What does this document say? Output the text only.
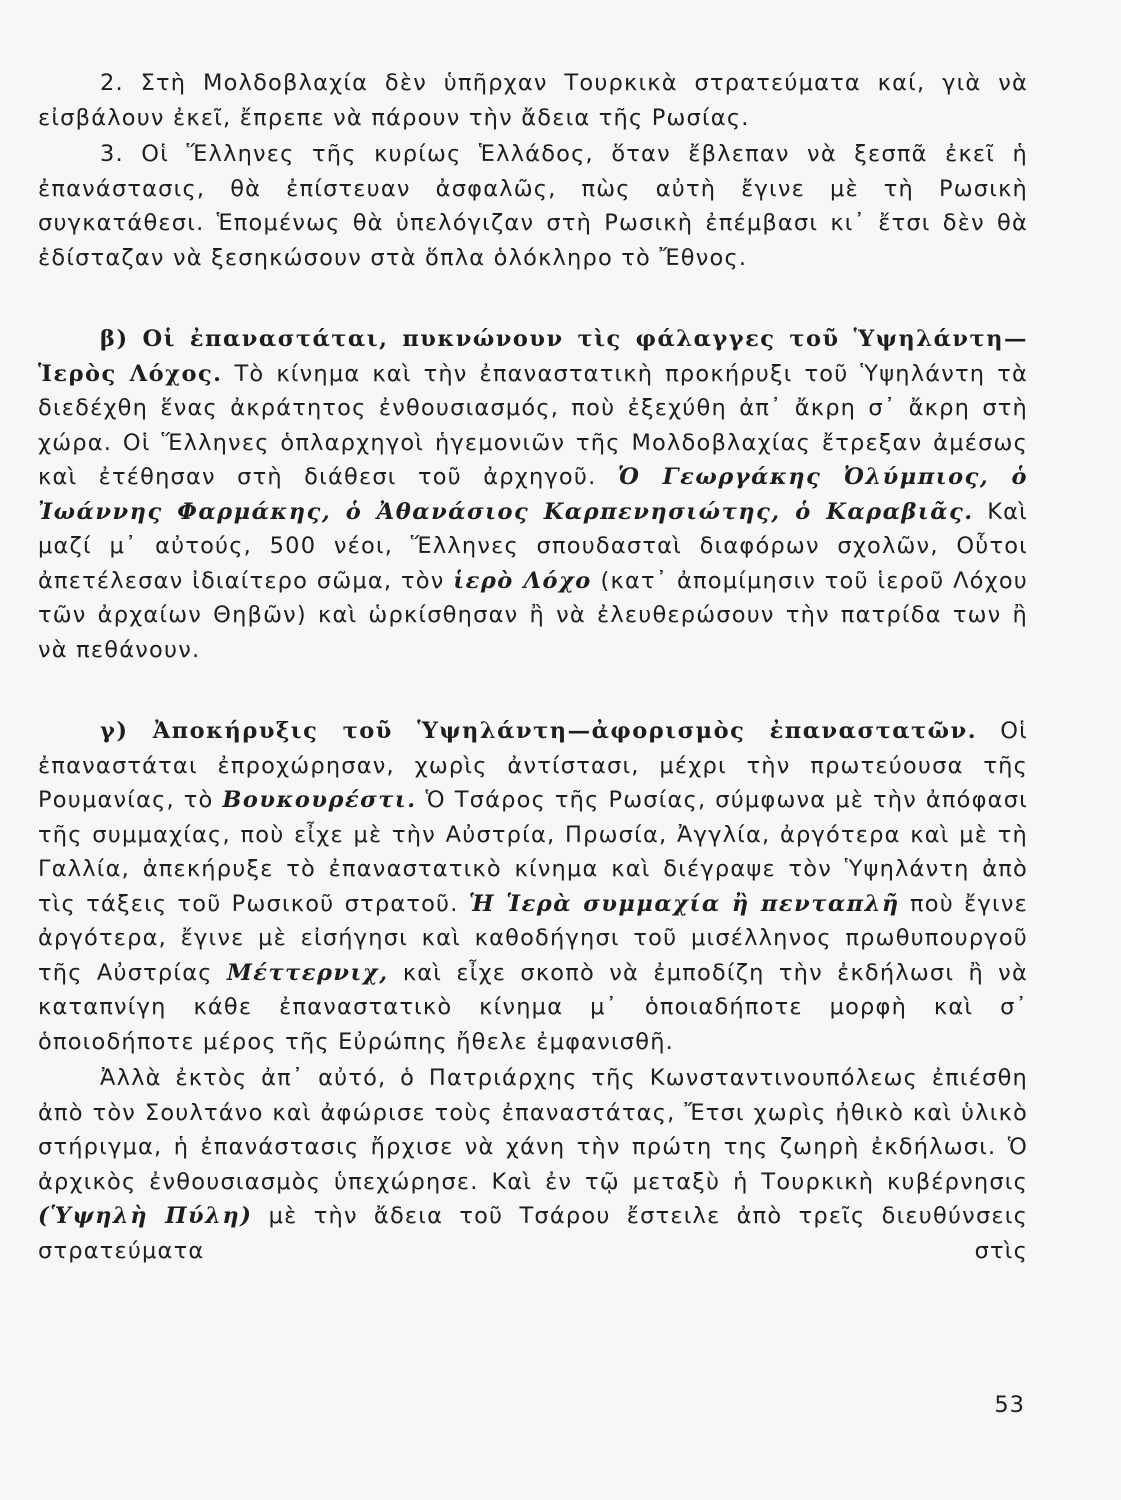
2. Στὴ Μολδοβλαχία δὲν ὑπῆρχαν Τουρκικὰ στρατεύματα καί, γιὰ νὰ εἰσβάλουν ἐκεῖ, ἔπρεπε νὰ πάρουν τὴν ἄδεια τῆς Ρωσίας.

3. Οἱ Ἕλληνες τῆς κυρίως Ἑλλάδος, ὅταν ἔβλεπαν νὰ ξεσπᾶ ἐκεῖ ἡ ἐπανάστασις, θὰ ἐπίστευαν ἀσφαλῶς, πὼς αὐτὴ ἔγινε μὲ τὴ Ρωσικὴ συγκατάθεσι. Ἑπομένως θὰ ὑπελόγιζαν στὴ Ρωσικὴ ἐπέμβασι κι᾿ ἔτσι δὲν θὰ ἐδίσταζαν νὰ ξεσηκώσουν στὰ ὅπλα ὁλόκληρο τὸ Ἔθνος.

β) Οἱ ἐπαναστάται, πυκνώνουν τὶς φάλαγγες τοῦ Ὑψηλάντη— Ἱερὸς Λόχος. Τὸ κίνημα καὶ τὴν ἐπαναστατικὴ προκήρυξι τοῦ Ὑψηλάντη τὰ διεδέχθη ἕνας ἀκράτητος ἐνθουσιασμός, ποὺ ἐξεχύθη ἀπ᾿ ἄκρη σ᾿ ἄκρη στὴ χώρα. Οἱ Ἕλληνες ὁπλαρχηγοὶ ἡγεμονιῶν τῆς Μολδοβλαχίας ἔτρεξαν ἀμέσως καὶ ἐτέθησαν στὴ διάθεσι τοῦ ἀρχηγοῦ. Ὁ Γεωργάκης Ὀλύμπιος, ὁ Ἰωάννης Φαρμάκης, ὁ Ἀθανάσιος Καρπενησιώτης, ὁ Καραβιᾶς. Καὶ μαζί μ᾿ αὐτούς, 500 νέοι, Ἕλληνες σπουδασταὶ διαφόρων σχολῶν, Οὗτοι ἀπετέλεσαν ἰδιαίτερο σῶμα, τὸν ἱερὸ Λόχο (κατ᾿ ἀπομίμησιν τοῦ ἱεροῦ Λόχου τῶν ἀρχαίων Θηβῶν) καὶ ὡρκίσθησαν ἢ νὰ ἐλευθερώσουν τὴν πατρίδα των ἢ νὰ πεθάνουν.

γ) Ἀποκήρυξις τοῦ Ὑψηλάντη—ἀφορισμὸς ἐπαναστατῶν. Οἱ ἐπαναστάται ἐπροχώρησαν, χωρὶς ἀντίστασι, μέχρι τὴν πρωτεύουσα τῆς Ρουμανίας, τὸ Βουκουρέστι. Ὁ Τσάρος τῆς Ρωσίας, σύμφωνα μὲ τὴν ἀπόφασι τῆς συμμαχίας, ποὺ εἶχε μὲ τὴν Αὐστρία, Πρωσία, Ἀγγλία, ἀργότερα καὶ μὲ τὴ Γαλλία, ἀπεκήρυξε τὸ ἐπαναστατικὸ κίνημα καὶ διέγραψε τὸν Ὑψηλάντη ἀπὸ τὶς τάξεις τοῦ Ρωσικοῦ στρατοῦ. Ἡ Ἱερὰ συμμαχία ἢ πενταπλῆ ποὺ ἔγινε ἀργότερα, ἔγινε μὲ εἰσήγησι καὶ καθοδήγησι τοῦ μισέλληνος πρωθυπουργοῦ τῆς Αὐστρίας Μέττερνιχ, καὶ εἶχε σκοπὸ νὰ ἐμποδίζη τὴν ἐκδήλωσι ἢ νὰ καταπνίγη κάθε ἐπαναστατικὸ κίνημα μ᾿ ὁποιαδήποτε μορφὴ καὶ σ᾿ ὁποιοδήποτε μέρος τῆς Εὐρώπης ἤθελε ἐμφανισθῆ.

Ἀλλὰ ἐκτὸς ἀπ᾿ αὐτό, ὁ Πατριάρχης τῆς Κωνσταντινουπόλεως ἐπιέσθη ἀπὸ τὸν Σουλτάνο καὶ ἀφώρισε τοὺς ἐπαναστάτας, Ἔτσι χωρὶς ἠθικὸ καὶ ὑλικὸ στήριγμα, ἡ ἐπανάστασις ἤρχισε νὰ χάνη τὴν πρώτη της ζωηρὴ ἐκδήλωσι. Ὁ ἀρχικὸς ἐνθουσιασμὸς ὑπεχώρησε. Καὶ ἐν τῷ μεταξὺ ἡ Τουρκικὴ κυβέρνησις (Ὑψηλὴ Πύλη) μὲ τὴν ἄδεια τοῦ Τσάρου ἔστειλε ἀπὸ τρεῖς διευθύνσεις στρατεύματα στὶς

53
